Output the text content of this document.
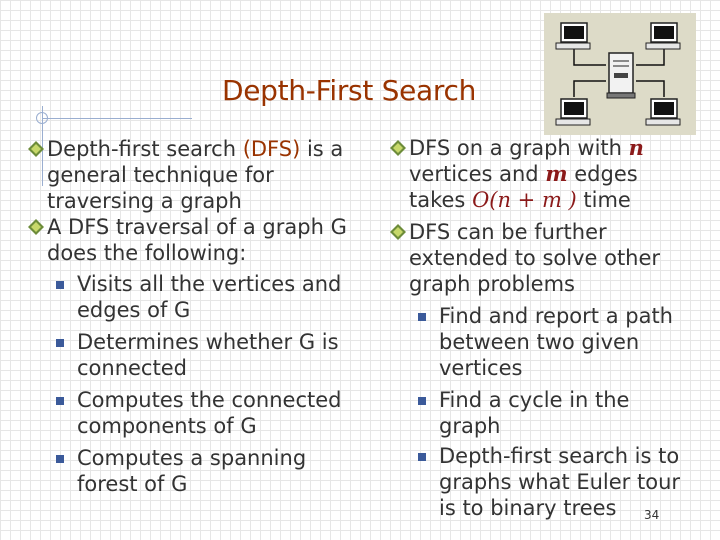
Depth-First Search
Depth-first search (DFS) is a general technique for traversing a graph
A DFS traversal of a graph G does the following:
Visits all the vertices and edges of G
Determines whether G is connected
Computes the connected components of G
Computes a spanning forest of G
DFS on a graph with n vertices and m edges takes O(n + m ) time
DFS can be further extended to solve other graph problems
Find and report a path between two given vertices
Find a cycle in the graph
Depth-first search is to graphs what Euler tour is to binary trees	34
